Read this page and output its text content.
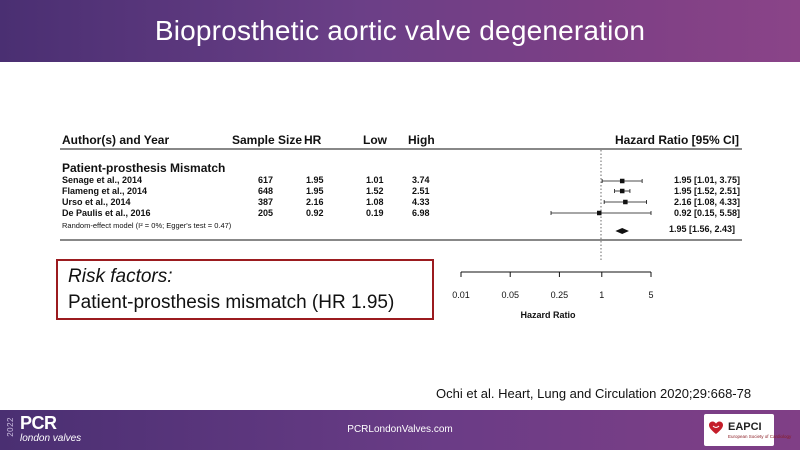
Bioprosthetic aortic valve degeneration
Author(s) and Year	Sample Size HR	Low High	Hazard Ratio [95% CI]
Patient-prosthesis Mismatch
Senage et al., 2014	617	1.95	1.01	3.74	1.95 [1.01, 3.75]
Flameng et al., 2014	648	1.95	1.52	2.51	1.95 [1.52, 2.51]
Urso et al., 2014	387	2.16	1.08	4.33	2.16 [1.08, 4.33]
De Paulis et al., 2016	205	0.92	0.19	6.98	0.92 [0.15, 5.58]
Random-effect model (I² = 0%; Egger's test = 0.47)	1.95 [1.56, 2.43]
0.01	0.05	0.25	1	5
Hazard Ratio
Risk factors:
Patient-prosthesis mismatch (HR 1.95)
Ochi et al. Heart, Lung and Circulation 2020;29:668-78
2022 PCR
london valves
PCRLondonValves.com	EAPCI
European Society of Cardiology
